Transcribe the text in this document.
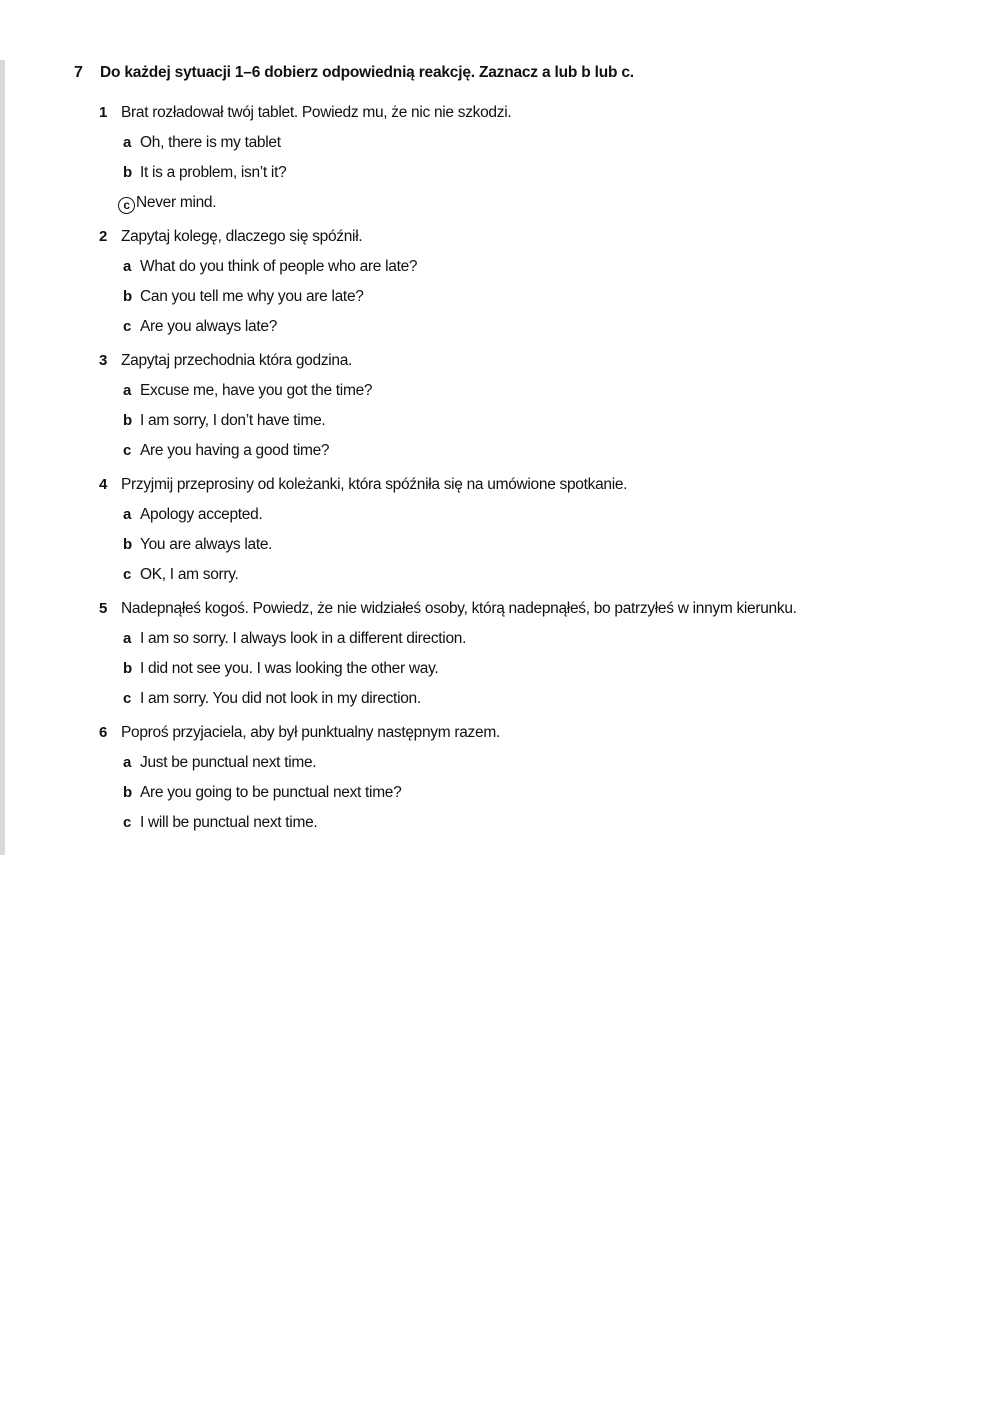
7	Do każdej sytuacji 1–6 dobierz odpowiednią reakcję. Zaznacz a lub b lub c.
1 Brat rozładował twój tablet. Powiedz mu, że nic nie szkodzi.
a Oh, there is my tablet
b It is a problem, isn’t it?
c Never mind.
2 Zapytaj kolegę, dlaczego się spóźnił.
a What do you think of people who are late?
b Can you tell me why you are late?
c Are you always late?
3 Zapytaj przechodnia która godzina.
a Excuse me, have you got the time?
b I am sorry, I don’t have time.
c Are you having a good time?
4 Przyjmij przeprosiny od koleżanki, która spóźniła się na umówione spotkanie.
a Apology accepted.
b You are always late.
c OK, I am sorry.
5 Nadepnąłeś kogoś. Powiedz, że nie widziałeś osoby, którą nadepnąłeś, bo patrzyłeś w innym kierunku.
a I am so sorry. I always look in a different direction.
b I did not see you. I was looking the other way.
c I am sorry. You did not look in my direction.
6 Poproś przyjaciela, aby był punktualny następnym razem.
a Just be punctual next time.
b Are you going to be punctual next time?
c I will be punctual next time.
